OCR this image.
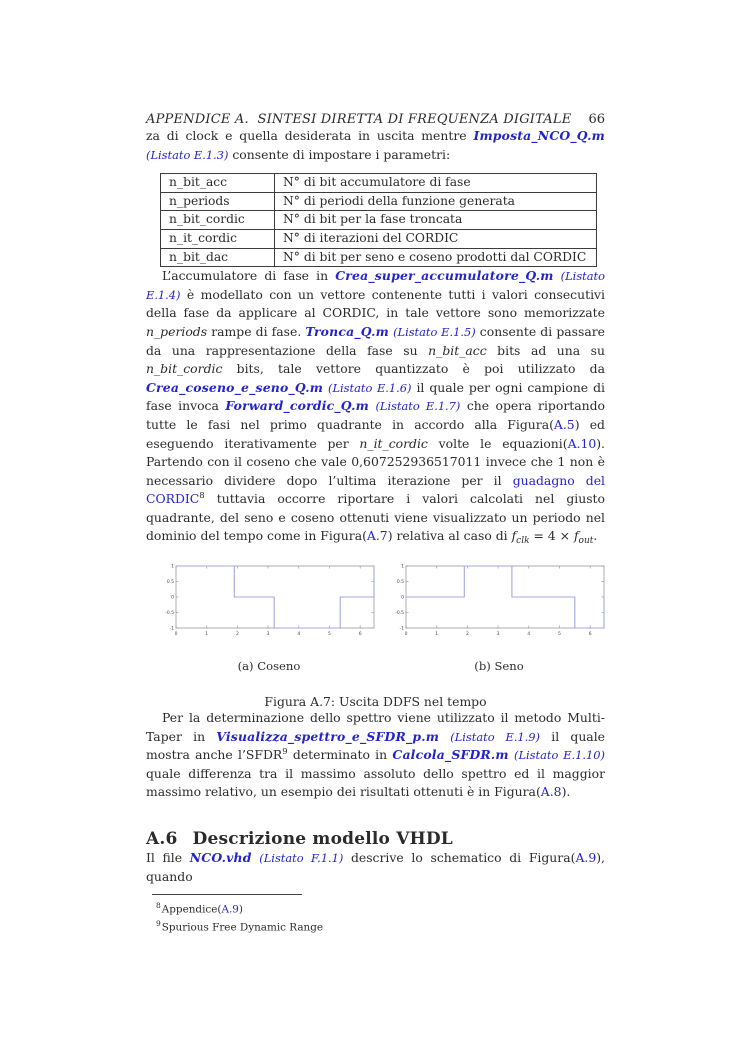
APPENDICE A.  SINTESI DIRETTA DI FREQUENZA DIGITALE 66

za di clock e quella desiderata in uscita mentre Imposta_NCO_Q.m (Listato E.1.3) consente di impostare i parametri:

n_bit_acc	N° di bit accumulatore di fase
n_periods	N° di periodi della funzione generata
n_bit_cordic	N° di bit per la fase troncata
n_it_cordic	N° di iterazioni del CORDIC
n_bit_dac	N° di bit per seno e coseno prodotti dal CORDIC

L’accumulatore di fase in Crea_super_accumulatore_Q.m (Listato E.1.4) è modellato con un vettore contenente tutti i valori consecutivi della fase da applicare al CORDIC, in tale vettore sono memorizzate n_periods rampe di fase. Tronca_Q.m (Listato E.1.5) consente di passare da una rappresentazione della fase su n_bit_acc bits ad una su n_bit_cordic bits, tale vettore quantizzato è poi utilizzato da Crea_coseno_e_seno_Q.m (Listato E.1.6) il quale per ogni campione di fase invoca Forward_cordic_Q.m (Listato E.1.7) che opera riportando tutte le fasi nel primo quadrante in accordo alla Figura(A.5) ed eseguendo iterativamente per n_it_cordic volte le equazioni(A.10). Partendo con il coseno che vale 0,607252936517011 invece che 1 non è necessario dividere dopo l’ultima iterazione per il guadagno del CORDIC$^8$ tuttavia occorre riportare i valori calcolati nel giusto quadrante, del seno e coseno ottenuti viene visualizzato un periodo nel dominio del tempo come in Figura(A.7) relativa al caso di $f_{clk} = 4 \times f_{out}$.

0	1	2	3	4	5	6
1
0.5
0
-0.5
-1
(a) Coseno
0	1	2	3	4	5	6
1
0.5
0
-0.5
-1
(b) Seno
Figura A.7: Uscita DDFS nel tempo

Per la determinazione dello spettro viene utilizzato il metodo Multi-Taper in Visualizza_spettro_e_SFDR_p.m (Listato E.1.9) il quale mostra anche l’SFDR$^9$ determinato in Calcola_SFDR.m (Listato E.1.10) quale differenza tra il massimo assoluto dello spettro ed il maggior massimo relativo, un esempio dei risultati ottenuti è in Figura(A.8).

A.6 Descrizione modello VHDL

Il file NCO.vhd (Listato F.1.1) descrive lo schematico di Figura(A.9), quando

$^8$Appendice(A.9)
$^9$Spurious Free Dynamic Range
